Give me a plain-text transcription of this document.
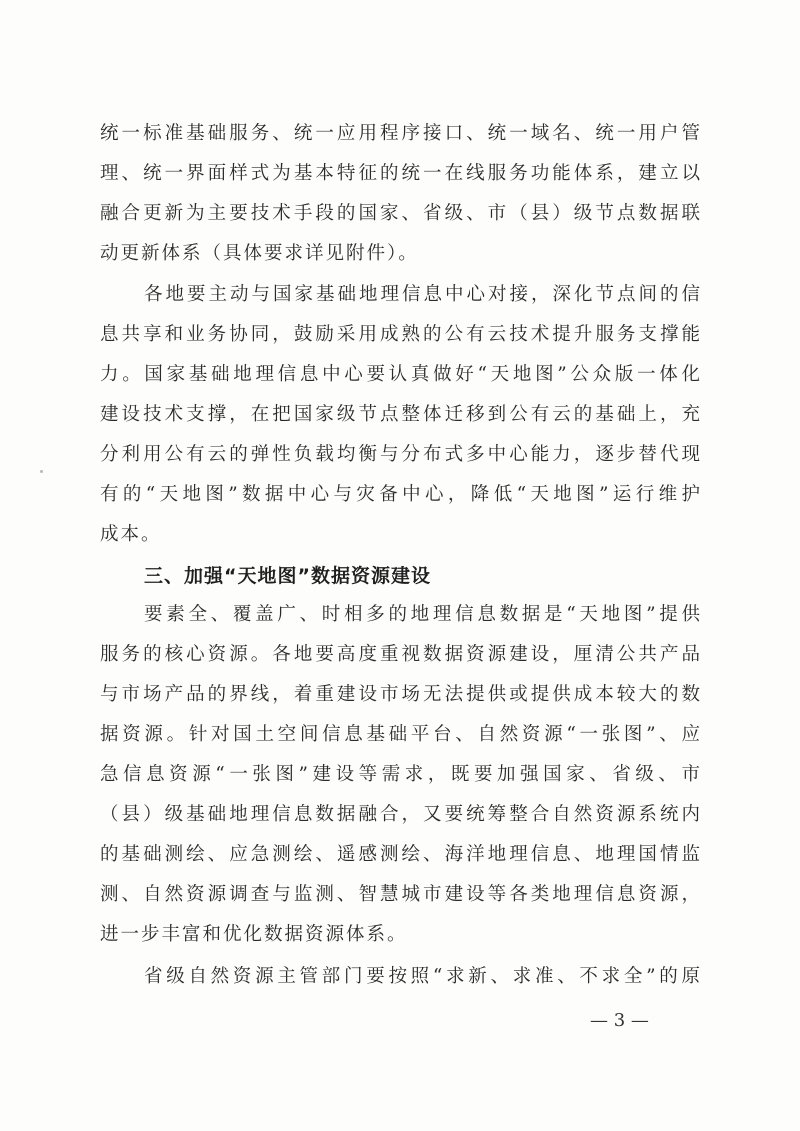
统一标准基础服务、统一应用程序接口、统一域名、统一用户管
理、统一界面样式为基本特征的统一在线服务功能体系，建立以
融合更新为主要技术手段的国家、省级、市（县）级节点数据联
动更新体系（具体要求详见附件）。
各地要主动与国家基础地理信息中心对接，深化节点间的信
息共享和业务协同，鼓励采用成熟的公有云技术提升服务支撑能
力。国家基础地理信息中心要认真做好“天地图”公众版一体化
建设技术支撑，在把国家级节点整体迁移到公有云的基础上，充
分利用公有云的弹性负载均衡与分布式多中心能力，逐步替代现
有的“天地图”数据中心与灾备中心，降低“天地图”运行维护
成本。
三、加强“天地图”数据资源建设
要素全、覆盖广、时相多的地理信息数据是“天地图”提供
服务的核心资源。各地要高度重视数据资源建设，厘清公共产品
与市场产品的界线，着重建设市场无法提供或提供成本较大的数
据资源。针对国土空间信息基础平台、自然资源“一张图”、应
急信息资源“一张图”建设等需求，既要加强国家、省级、市
（县）级基础地理信息数据融合，又要统筹整合自然资源系统内
的基础测绘、应急测绘、遥感测绘、海洋地理信息、地理国情监
测、自然资源调查与监测、智慧城市建设等各类地理信息资源，
进一步丰富和优化数据资源体系。
省级自然资源主管部门要按照“求新、求准、不求全”的原
— 3 —
